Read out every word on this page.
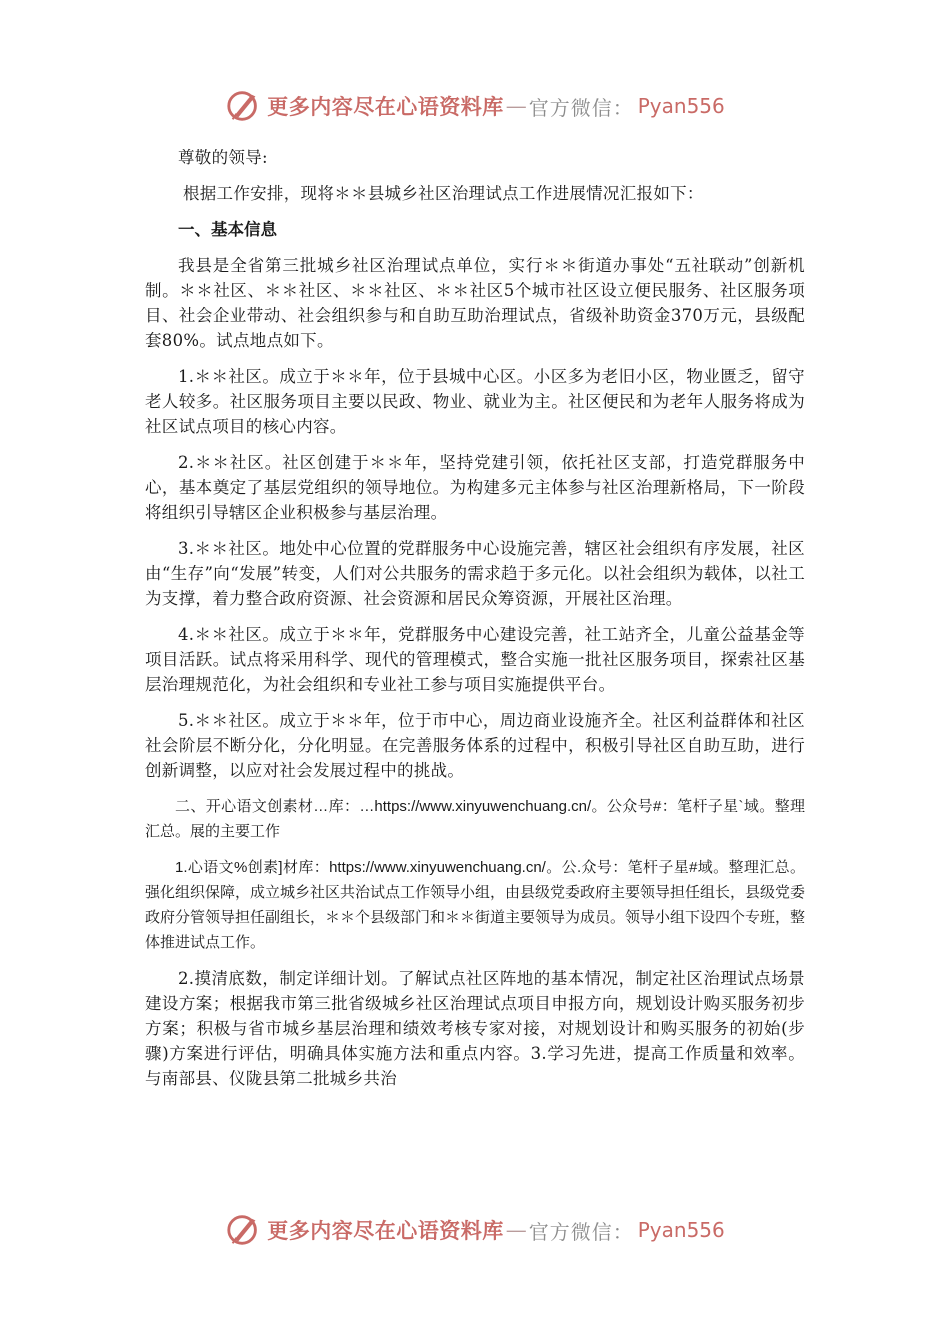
更多内容尽在心语资料库 — 官方微信： Pyan556

尊敬的领导:

根据工作安排，现将＊＊县城乡社区治理试点工作进展情况汇报如下：

一、基本信息

我县是全省第三批城乡社区治理试点单位，实行＊＊街道办事处“五社联动”创新机制。＊＊社区、＊＊社区、＊＊社区、＊＊社区5个城市社区设立便民服务、社区服务项目、社会企业带动、社会组织参与和自助互助治理试点，省级补助资金370万元，县级配套80%。试点地点如下。

1.＊＊社区。成立于＊＊年，位于县城中心区。小区多为老旧小区，物业匮乏，留守老人较多。社区服务项目主要以民政、物业、就业为主。社区便民和为老年人服务将成为社区试点项目的核心内容。

2.＊＊社区。社区创建于＊＊年，坚持党建引领，依托社区支部，打造党群服务中心，基本奠定了基层党组织的领导地位。为构建多元主体参与社区治理新格局，下一阶段将组织引导辖区企业积极参与基层治理。

3.＊＊社区。地处中心位置的党群服务中心设施完善，辖区社会组织有序发展，社区由“生存”向“发展”转变，人们对公共服务的需求趋于多元化。以社会组织为载体，以社工为支撑，着力整合政府资源、社会资源和居民众筹资源，开展社区治理。

4.＊＊社区。成立于＊＊年，党群服务中心建设完善，社工站齐全，儿童公益基金等项目活跃。试点将采用科学、现代的管理模式，整合实施一批社区服务项目，探索社区基层治理规范化，为社会组织和专业社工参与项目实施提供平台。

5.＊＊社区。成立于＊＊年，位于市中心，周边商业设施齐全。社区利益群体和社区社会阶层不断分化，分化明显。在完善服务体系的过程中，积极引导社区自助互助，进行创新调整，以应对社会发展过程中的挑战。

二、开心语文创素材…库：…https://www.xinyuwenchuang.cn/。公众号#：笔杆子星`域。整理汇总。展的主要工作

1.心语文%创素]材库：https://www.xinyuwenchuang.cn/。公.众号：笔杆子星#域。整理汇总。强化组织保障，成立城乡社区共治试点工作领导小组，由县级党委政府主要领导担任组长，县级党委政府分管领导担任副组长，＊＊个县级部门和＊＊街道主要领导为成员。领导小组下设四个专班，整体推进试点工作。

2.摸清底数，制定详细计划。了解试点社区阵地的基本情况，制定社区治理试点场景建设方案；根据我市第三批省级城乡社区治理试点项目申报方向，规划设计购买服务初步方案；积极与省市城乡基层治理和绩效考核专家对接，对规划设计和购买服务的初始(步骤)方案进行评估，明确具体实施方法和重点内容。3.学习先进，提高工作质量和效率。与南部县、仪陇县第二批城乡共治

更多内容尽在心语资料库 — 官方微信： Pyan556
